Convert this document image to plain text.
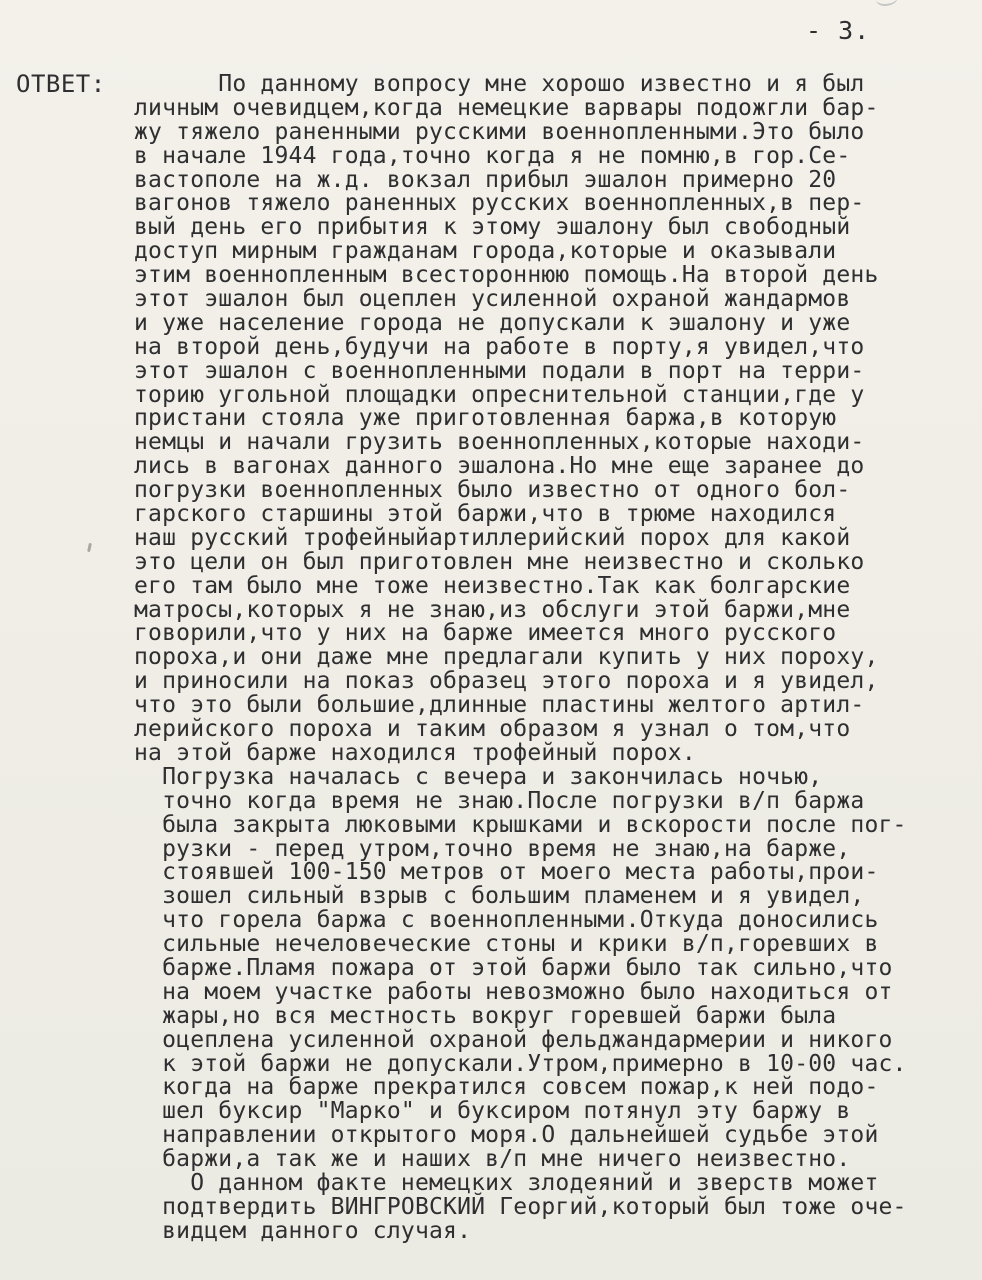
- 3.
ОТВЕТ: По данному вопросу мне хорошо известно и я был
личным очевидцем,когда немецкие варвары подожгли бар-
жу тяжело раненными русскими военнопленными.Это было
в начале 1944 года,точно когда я не помню,в гор.Се-
вастополе на ж.д. вокзал прибыл эшалон примерно 20
вагонов тяжело раненных русских военнопленных,в пер-
вый день его прибытия к этому эшалону был свободный
доступ мирным гражданам города,которые и оказывали
этим военнопленным всестороннюю помощь.На второй день
этот эшалон был оцеплен усиленной охраной жандармов
и уже население города не допускали к эшалону и уже
на второй день,будучи на работе в порту,я увидел,что
этот эшалон с военнопленными подали в порт на терри-
торию угольной площадки опреснительной станции,где у
пристани стояла уже приготовленная баржа,в которую
немцы и начали грузить военнопленных,которые находи-
лись в вагонах данного эшалона.Но мне еще заранее до
погрузки военнопленных было известно от одного бол-
гарского старшины этой баржи,что в трюме находился
наш русский трофейныйартиллерийский порох для какой
это цели он был приготовлен мне неизвестно и сколько
его там было мне тоже неизвестно.Так как болгарские
матросы,которых я не знаю,из обслуги этой баржи,мне
говорили,что у них на барже имеется много русского
пороха,и они даже мне предлагали купить у них пороху,
и приносили на показ образец этого пороха и я увидел,
что это были большие,длинные пластины желтого артил-
лерийского пороха и таким образом я узнал о том,что
на этой барже находился трофейный порох.
Погрузка началась с вечера и закончилась ночью,
точно когда время не знаю.После погрузки в/п баржа
была закрыта люковыми крышками и вскорости после пог-
рузки - перед утром,точно время не знаю,на барже,
стоявшей 100-150 метров от моего места работы,прои-
зошел сильный взрыв с большим пламенем и я увидел,
что горела баржа с военнопленными.Откуда доносились
сильные нечеловеческие стоны и крики в/п,горевших в
барже.Пламя пожара от этой баржи было так сильно,что
на моем участке работы невозможно было находиться от
жары,но вся местность вокруг горевшей баржи была
оцеплена усиленной охраной фельджандармерии и никого
к этой баржи не допускали.Утром,примерно в 10-00 час.
когда на барже прекратился совсем пожар,к ней подо-
шел буксир "Марко" и буксиром потянул эту баржу в
направлении открытого моря.О дальнейшей судьбе этой
баржи,а так же и наших в/п мне ничего неизвестно.
О данном факте немецких злодеяний и зверств может
подтвердить ВИНГРОВСКИЙ Георгий,который был тоже оче-
видцем данного случая.
